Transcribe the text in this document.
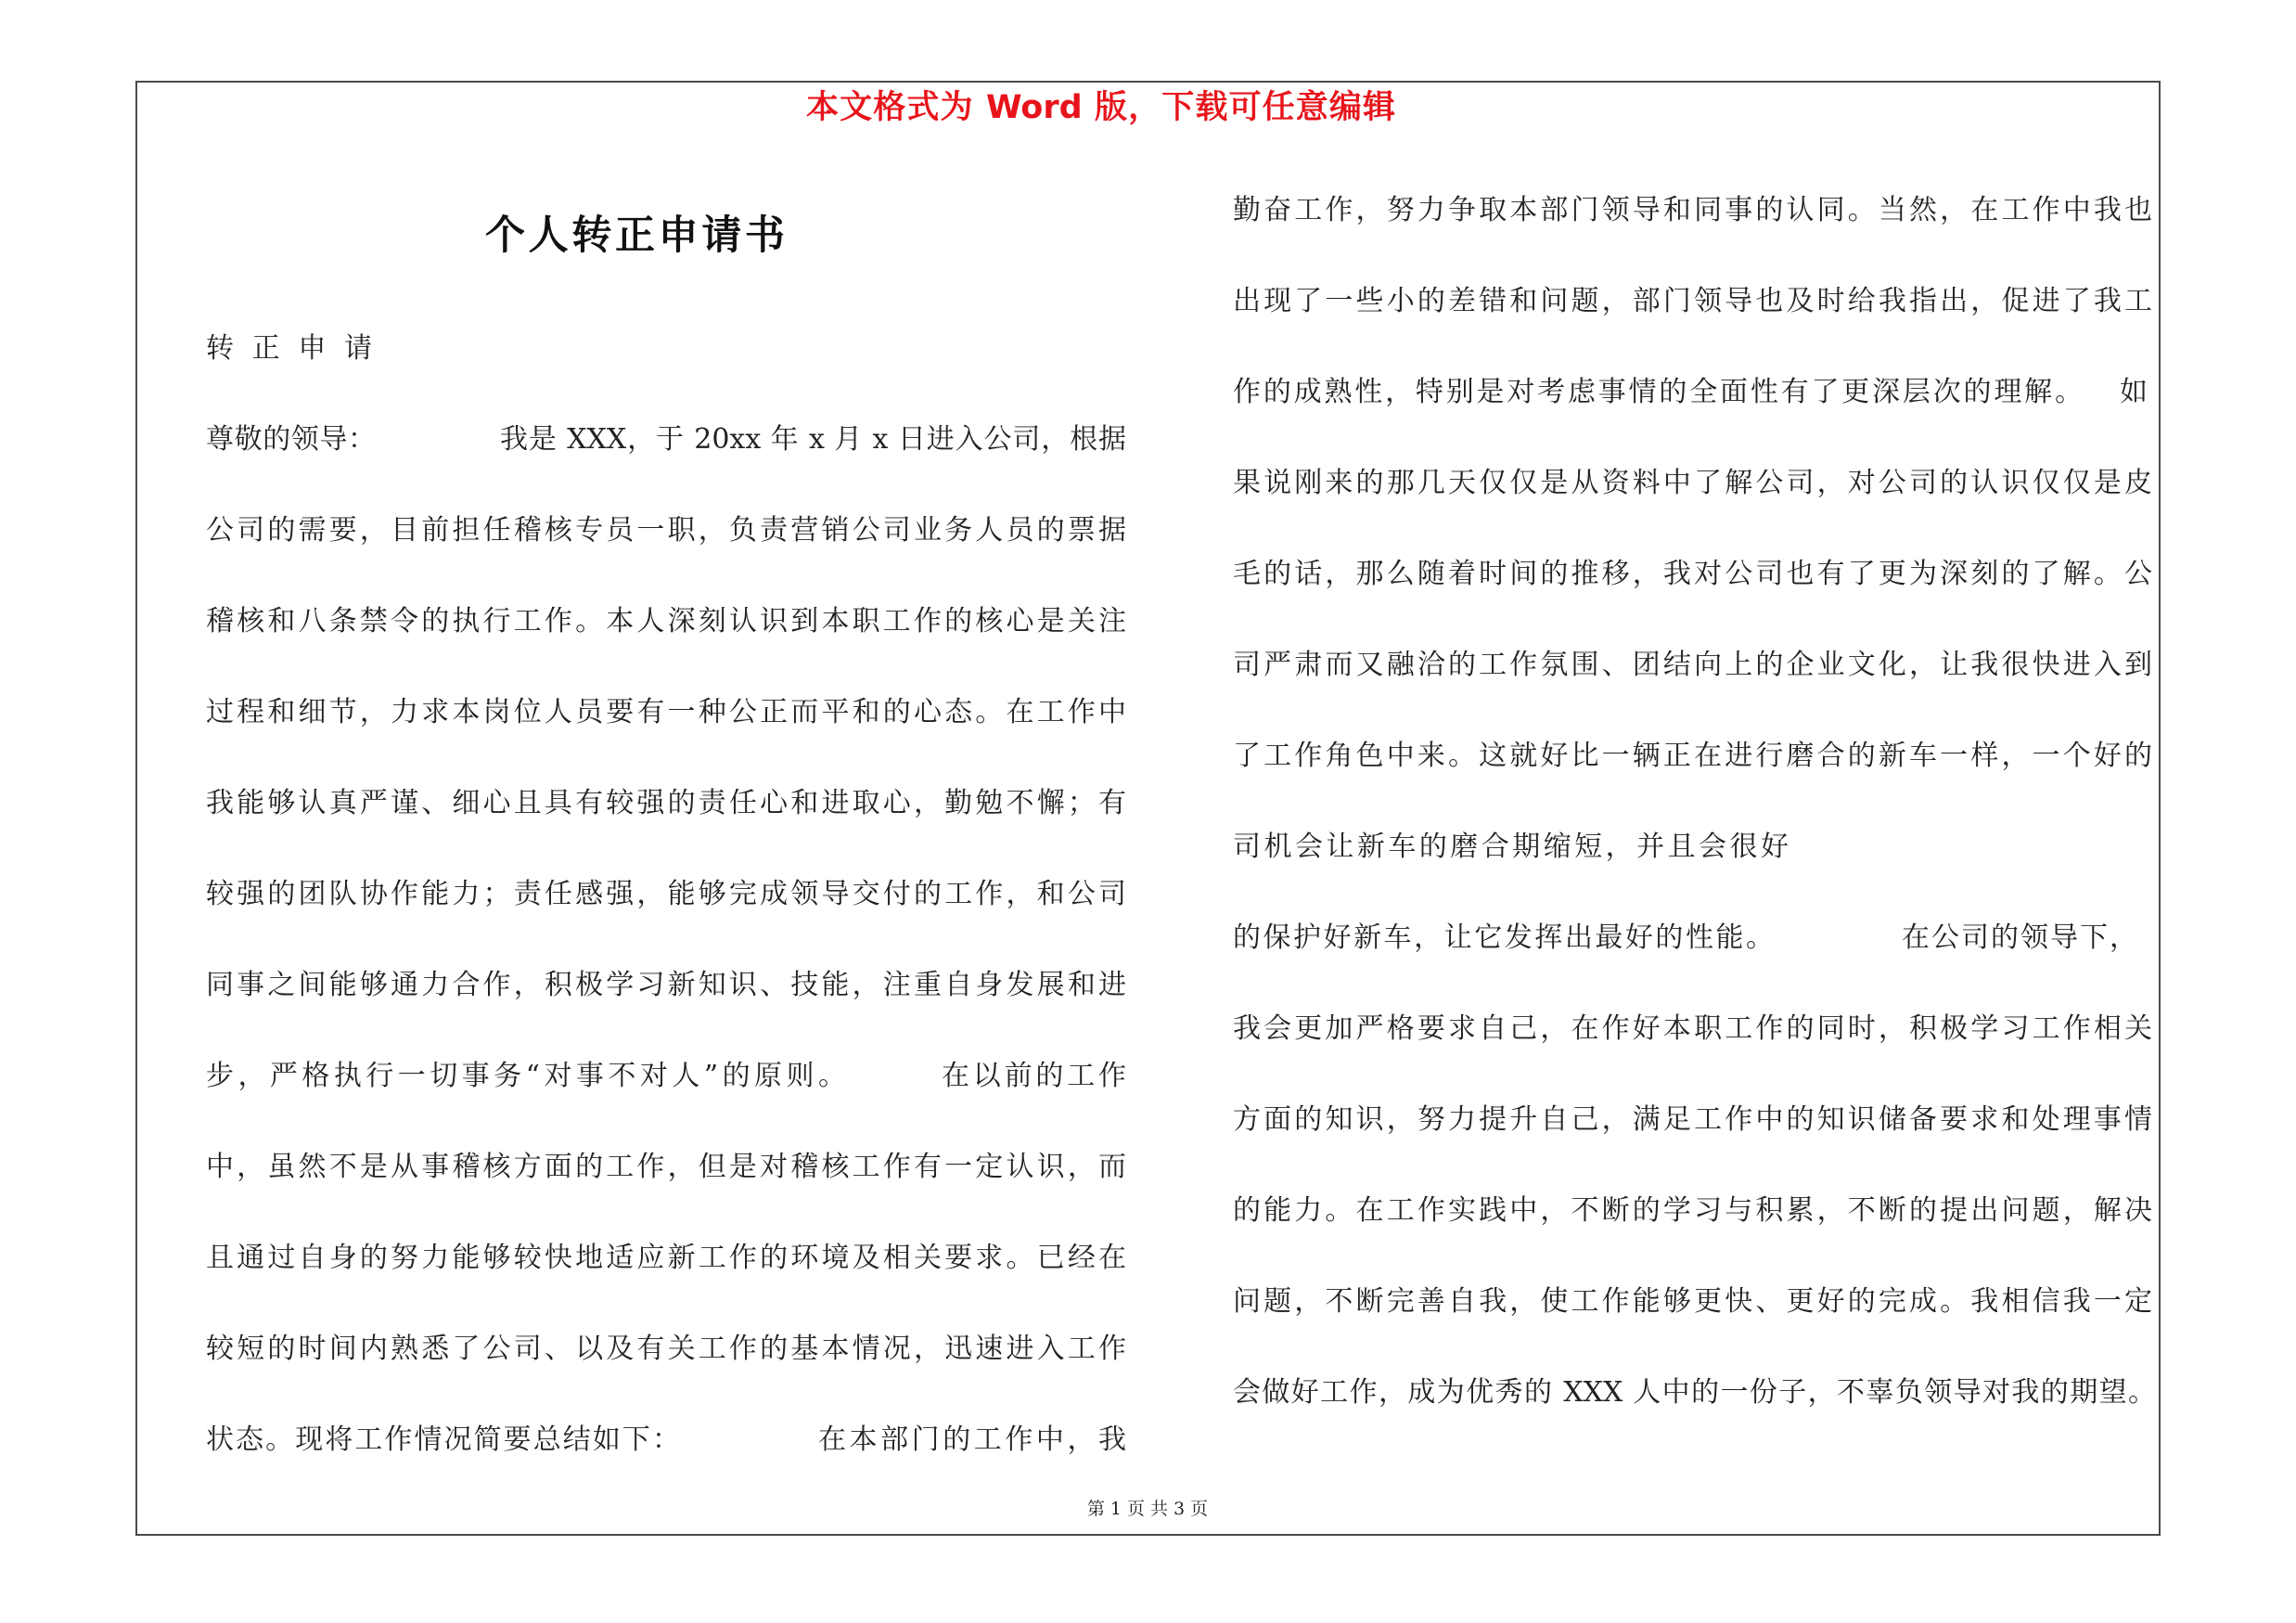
本文格式为 Word 版，下载可任意编辑
个人转正申请书
转 正 申 请
尊敬的领导：	我是 XXX，于 20xx 年 x 月 x 日进入公司，根据
公司的需要，目前担任稽核专员一职，负责营销公司业务人员的票据
稽核和八条禁令的执行工作。本人深刻认识到本职工作的核心是关注
过程和细节，力求本岗位人员要有一种公正而平和的心态。在工作中
我能够认真严谨、细心且具有较强的责任心和进取心，勤勉不懈；有
较强的团队协作能力；责任感强，能够完成领导交付的工作，和公司
同事之间能够通力合作，积极学习新知识、技能，注重自身发展和进
步，严格执行一切事务“对事不对人”的原则。	在以前的工作
中，虽然不是从事稽核方面的工作，但是对稽核工作有一定认识，而
且通过自身的努力能够较快地适应新工作的环境及相关要求。已经在
较短的时间内熟悉了公司、以及有关工作的基本情况，迅速进入工作
状态。现将工作情况简要总结如下：	在本部门的工作中，我
勤奋工作，努力争取本部门领导和同事的认同。当然，在工作中我也
出现了一些小的差错和问题，部门领导也及时给我指出，促进了我工
作的成熟性，特别是对考虑事情的全面性有了更深层次的理解。 如
果说刚来的那几天仅仅是从资料中了解公司，对公司的认识仅仅是皮
毛的话，那么随着时间的推移，我对公司也有了更为深刻的了解。公
司严肃而又融洽的工作氛围、团结向上的企业文化，让我很快进入到
了工作角色中来。这就好比一辆正在进行磨合的新车一样，一个好的
司机会让新车的磨合期缩短，并且会很好
的保护好新车，让它发挥出最好的性能。	在公司的领导下，
我会更加严格要求自己，在作好本职工作的同时，积极学习工作相关
方面的知识，努力提升自己，满足工作中的知识储备要求和处理事情
的能力。在工作实践中，不断的学习与积累，不断的提出问题，解决
问题，不断完善自我，使工作能够更快、更好的完成。我相信我一定
会做好工作，成为优秀的 XXX 人中的一份子，不辜负领导对我的期望。
第 1 页 共 3 页
